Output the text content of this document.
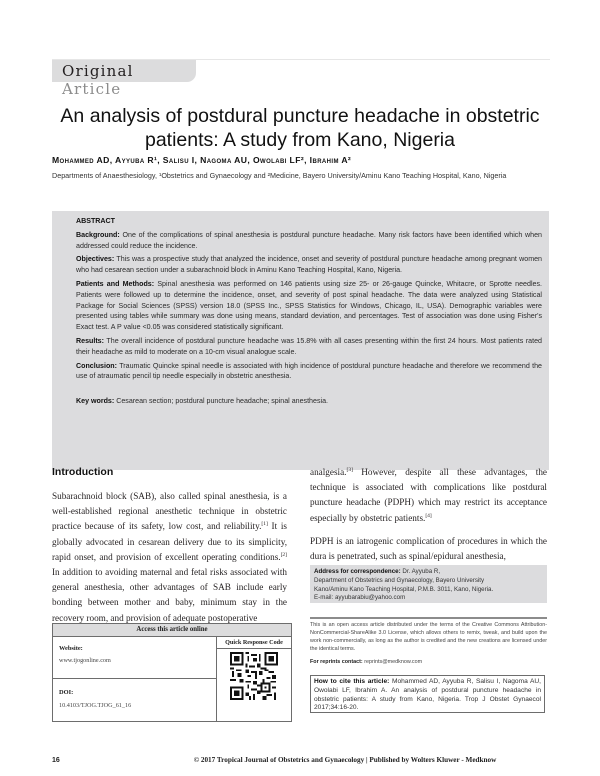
Original Article
An analysis of postdural puncture headache in obstetric patients: A study from Kano, Nigeria
Mohammed AD, Ayyuba R¹, Salisu I, Nagoma AU, Owolabi LF², Ibrahim A²
Departments of Anaesthesiology, ¹Obstetrics and Gynaecology and ²Medicine, Bayero University/Aminu Kano Teaching Hospital, Kano, Nigeria

ABSTRACT

Background: One of the complications of spinal anesthesia is postdural puncture headache. Many risk factors have been identified which when addressed could reduce the incidence.

Objectives: This was a prospective study that analyzed the incidence, onset and severity of postdural puncture headache among pregnant women who had cesarean section under a subarachnoid block in Aminu Kano Teaching Hospital, Kano, Nigeria.

Patients and Methods: Spinal anesthesia was performed on 146 patients using size 25- or 26-gauge Quincke, Whitacre, or Sprotte needles. Patients were followed up to determine the incidence, onset, and severity of post spinal headache. The data were analyzed using Statistical Package for Social Sciences (SPSS) version 18.0 (SPSS Inc., SPSS Statistics for Windows, Chicago, IL, USA). Demographic variables were presented using tables while summary was done using means, standard deviation, and percentages. Test of association was done using Fisher's Exact test. A P value <0.05 was considered statistically significant.

Results: The overall incidence of postdural puncture headache was 15.8% with all cases presenting within the first 24 hours. Most patients rated their headache as mild to moderate on a 10-cm visual analogue scale.

Conclusion: Traumatic Quincke spinal needle is associated with high incidence of postdural puncture headache and therefore we recommend the use of atraumatic pencil tip needle especially in obstetric anesthesia.

Key words: Cesarean section; postdural puncture headache; spinal anesthesia.

Introduction
Subarachnoid block (SAB), also called spinal anesthesia, is a well-established regional anesthetic technique in obstetric practice because of its safety, low cost, and reliability.[1] It is globally advocated in cesarean delivery due to its simplicity, rapid onset, and provision of excellent operating conditions.[2] In addition to avoiding maternal and fetal risks associated with general anesthesia, other advantages of SAB include early bonding between mother and baby, minimum stay in the recovery room, and provision of adequate postoperative
analgesia.[3] However, despite all these advantages, the technique is associated with complications like postdural puncture headache (PDPH) which may restrict its acceptance especially by obstetric patients.[4]
PDPH is an iatrogenic complication of procedures in which the dura is penetrated, such as spinal/epidural anesthesia,
Address for correspondence: Dr. Ayyuba R,
Department of Obstetrics and Gynaecology, Bayero University
Kano/Aminu Kano Teaching Hospital, P.M.B. 3011, Kano, Nigeria.
E-mail: ayyubarabiu@yahoo.com
This is an open access article distributed under the terms of the Creative Commons Attribution-NonCommercial-ShareAlike 3.0 License, which allows others to remix, tweak, and build upon the work non-commercially, as long as the author is credited and the new creations are licensed under the identical terms.
For reprints contact: reprints@medknow.com
How to cite this article: Mohammed AD, Ayyuba R, Salisu I, Nagoma AU, Owolabi LF, Ibrahim A. An analysis of postdural puncture headache in obstetric patients: A study from Kano, Nigeria. Trop J Obstet Gynaecol 2017;34:16-20.
Access this article online
Website:
www.tjogonline.com
DOI:
10.4103/TJOG.TJOG_61_16
Quick Response Code
16	© 2017 Tropical Journal of Obstetrics and Gynaecology | Published by Wolters Kluwer - Medknow
